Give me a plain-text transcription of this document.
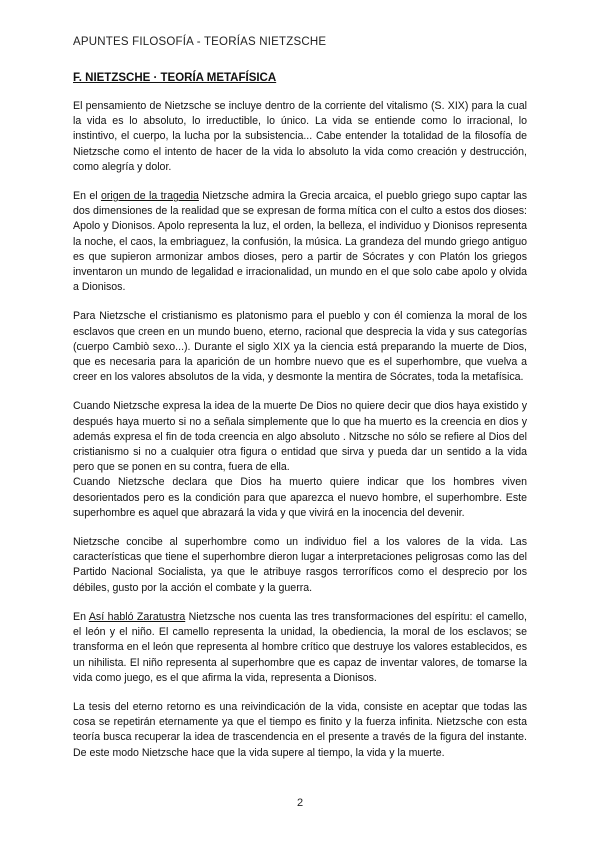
APUNTES FILOSOFÍA - TEORÍAS NIETZSCHE
F. NIETZSCHE · TEORÍA METAFÍSICA

El pensamiento de Nietzsche se incluye dentro de la corriente del vitalismo (S. XIX) para la cual la vida es lo absoluto, lo irreductible, lo único. La vida se entiende como lo irracional, lo instintivo, el cuerpo, la lucha por la subsistencia... Cabe entender la totalidad de la filosofía de Nietzsche como el intento de hacer de la vida lo absoluto la vida como creación y destrucción, como alegría y dolor.

En el origen de la tragedia Nietzsche admira la Grecia arcaica, el pueblo griego supo captar las dos dimensiones de la realidad que se expresan de forma mítica con el culto a estos dos dioses: Apolo y Dionisos. Apolo representa la luz, el orden, la belleza, el individuo y Dionisos representa la noche, el caos, la embriaguez, la confusión, la música. La grandeza del mundo griego antiguo es que supieron armonizar ambos dioses, pero a partir de Sócrates y con Platón los griegos inventaron un mundo de legalidad e irracionalidad, un mundo en el que solo cabe apolo y olvida a Dionisos.

Para Nietzsche el cristianismo es platonismo para el pueblo y con él comienza la moral de los esclavos que creen en un mundo bueno, eterno, racional que desprecia la vida y sus categorías (cuerpo Cambiò sexo...). Durante el siglo XIX ya la ciencia está preparando la muerte de Dios, que es necesaria para la aparición de un hombre nuevo que es el superhombre, que vuelva a creer en los valores absolutos de la vida, y desmonte la mentira de Sócrates, toda la metafísica.

Cuando Nietzsche expresa la idea de la muerte De Dios no quiere decir que dios haya existido y después haya muerto si no a señala simplemente que lo que ha muerto es la creencia en dios y además expresa el fin de toda creencia en algo absoluto . Nitzsche no sólo se refiere al Dios del cristianismo si no a cualquier otra figura o entidad que sirva y pueda dar un sentido a la vida pero que se ponen en su contra, fuera de ella.

Cuando Nietzsche declara que Dios ha muerto quiere indicar que los hombres viven desorientados pero es la condición para que aparezca el nuevo hombre, el superhombre. Este superhombre es aquel que abrazará la vida y que vivirá en la inocencia del devenir.

Nietzsche concibe al superhombre como un individuo fiel a los valores de la vida. Las características que tiene el superhombre dieron lugar a interpretaciones peligrosas como las del Partido Nacional Socialista, ya que le atribuye rasgos terroríficos como el desprecio por los débiles, gusto por la acción el combate y la guerra.

En Así habló Zaratustra Nietzsche nos cuenta las tres transformaciones del espíritu: el camello, el león y el niño. El camello representa la unidad, la obediencia, la moral de los esclavos; se transforma en el león que representa al hombre crítico que destruye los valores establecidos, es un nihilista. El niño representa al superhombre que es capaz de inventar valores, de tomarse la vida como juego, es el que afirma la vida, representa a Dionisos.

La tesis del eterno retorno es una reivindicación de la vida, consiste en aceptar que todas las cosa se repetirán eternamente ya que el tiempo es finito y la fuerza infinita. Nietzsche con esta teoría busca recuperar la idea de trascendencia en el presente a través de la figura del instante. De este modo Nietzsche hace que la vida supere al tiempo, la vida y la muerte.

2
